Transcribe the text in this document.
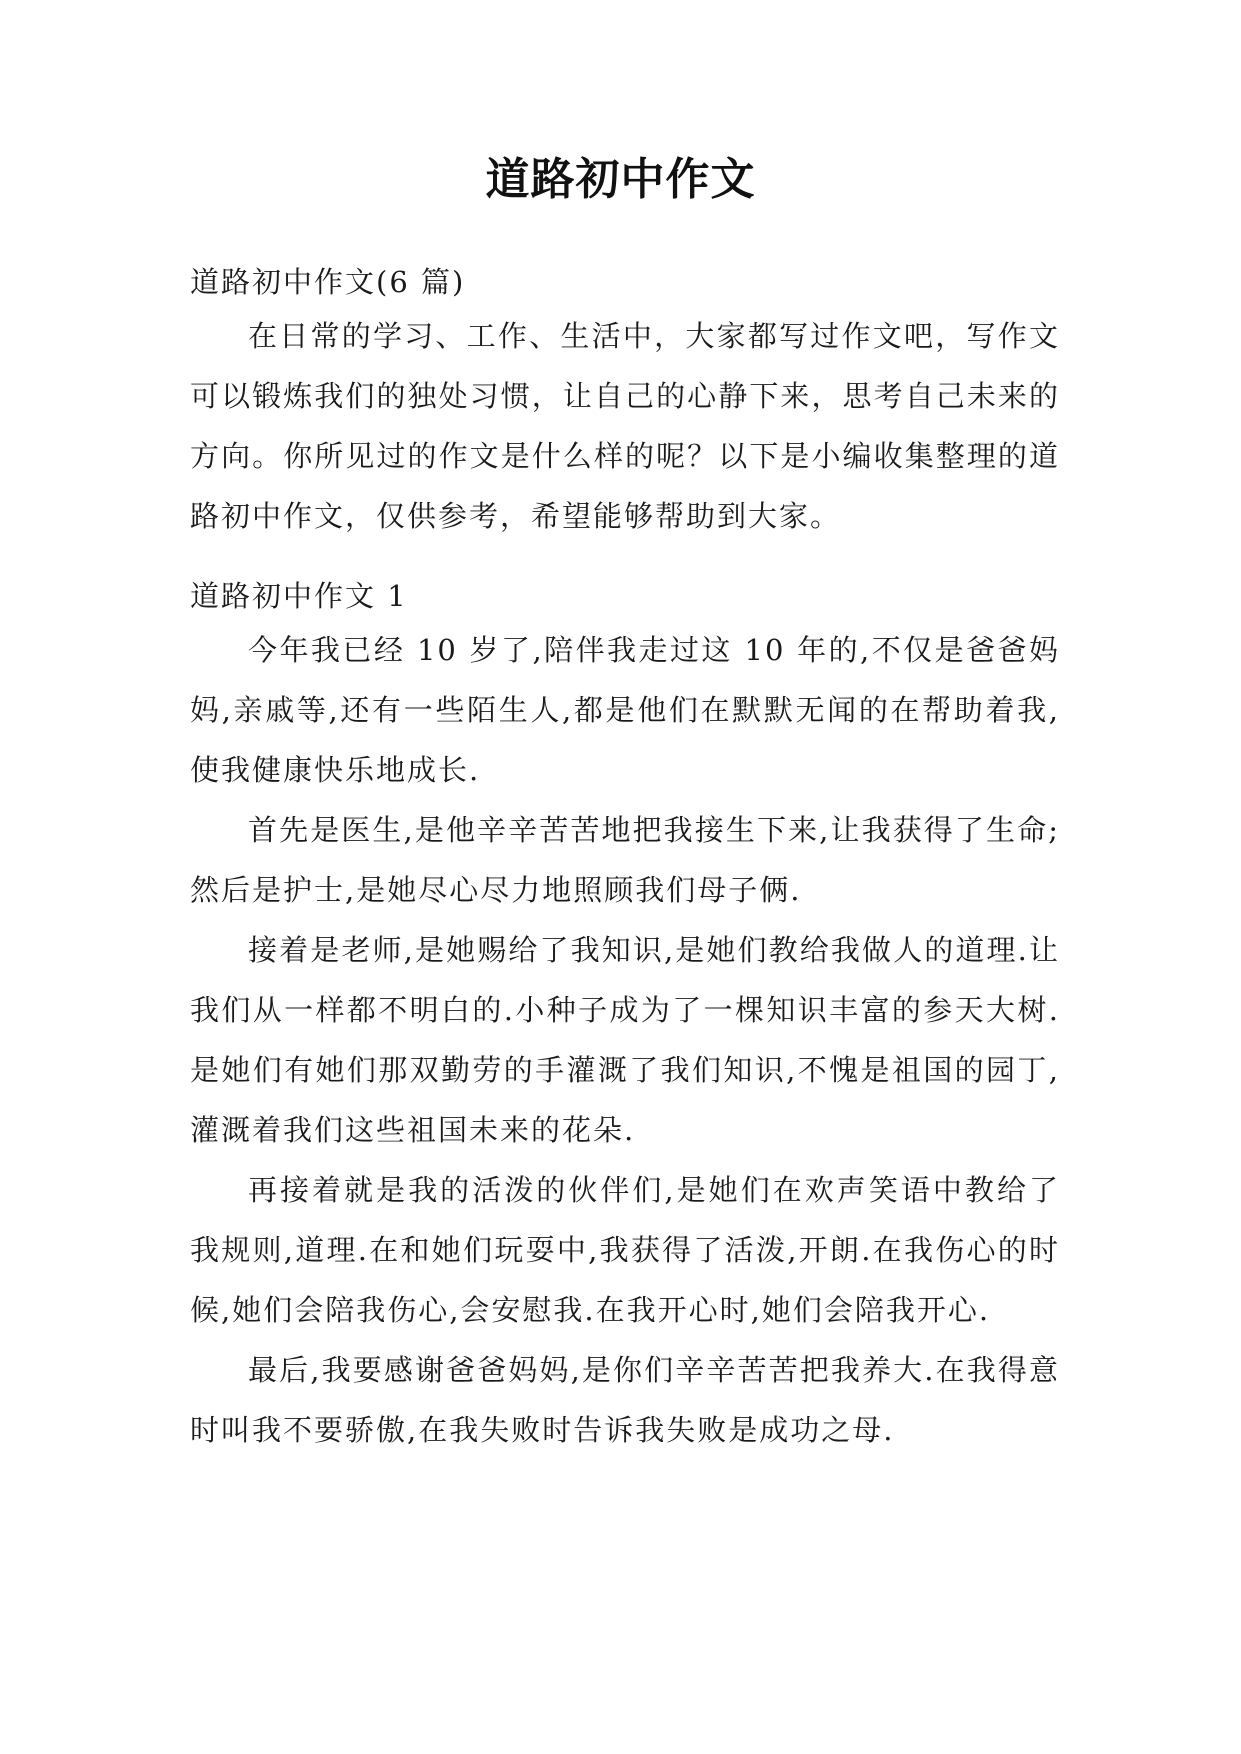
道路初中作文
道路初中作文(6 篇)

在日常的学习、工作、生活中，大家都写过作文吧，写作文可以锻炼我们的独处习惯，让自己的心静下来，思考自己未来的方向。你所见过的作文是什么样的呢？以下是小编收集整理的道路初中作文，仅供参考，希望能够帮助到大家。

道路初中作文 1

今年我已经 10 岁了,陪伴我走过这 10 年的,不仅是爸爸妈妈,亲戚等,还有一些陌生人,都是他们在默默无闻的在帮助着我,使我健康快乐地成长.

首先是医生,是他辛辛苦苦地把我接生下来,让我获得了生命;然后是护士,是她尽心尽力地照顾我们母子俩.

接着是老师,是她赐给了我知识,是她们教给我做人的道理.让我们从一样都不明白的.小种子成为了一棵知识丰富的参天大树.是她们有她们那双勤劳的手灌溉了我们知识,不愧是祖国的园丁,灌溉着我们这些祖国未来的花朵.

再接着就是我的活泼的伙伴们,是她们在欢声笑语中教给了我规则,道理.在和她们玩耍中,我获得了活泼,开朗.在我伤心的时候,她们会陪我伤心,会安慰我.在我开心时,她们会陪我开心.

最后,我要感谢爸爸妈妈,是你们辛辛苦苦把我养大.在我得意时叫我不要骄傲,在我失败时告诉我失败是成功之母.
